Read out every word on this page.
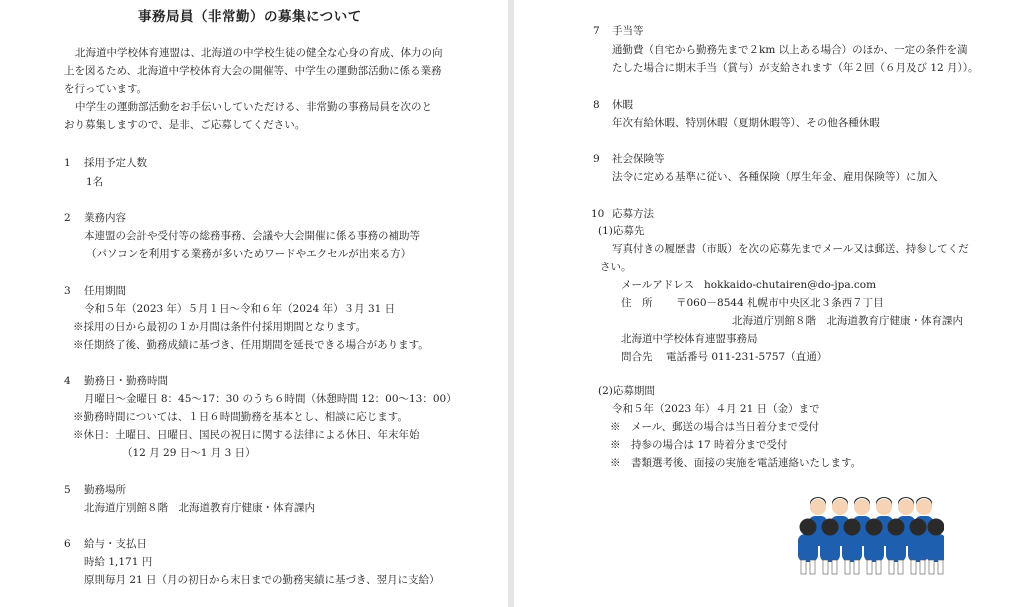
事務局員（非常勤）の募集について
北海道中学校体育連盟は、北海道の中学校生徒の健全な心身の育成、体力の向
上を図るため、北海道中学校体育大会の開催等、中学生の運動部活動に係る業務
を行っています。
中学生の運動部活動をお手伝いしていただける、非常勤の事務局員を次のと
おり募集しますので、是非、ご応募してください。
1 採用予定人数
1名
2 業務内容
本連盟の会計や受付等の総務事務、会議や大会開催に係る事務の補助等
（パソコンを利用する業務が多いためワードやエクセルが出来る方）
3 任用期間
令和５年（2023 年）５月１日～令和６年（2024 年）３月 31 日
※採用の日から最初の１か月間は条件付採用期間となります。
※任期終了後、勤務成績に基づき、任用期間を延長できる場合があります。
4 勤務日・勤務時間
月曜日～金曜日 8：45～17：30 のうち６時間（休憩時間 12：00～13：00）
※勤務時間については、１日６時間勤務を基本とし、相談に応じます。
※休日：土曜日、日曜日、国民の祝日に関する法律による休日、年末年始
（12 月 29 日～1 月 3 日）
5 勤務場所
北海道庁別館８階　北海道教育庁健康・体育課内
6 給与・支払日
時給 1,171 円
原則毎月 21 日（月の初日から末日までの勤務実績に基づき、翌月に支給）
7 手当等
通勤費（自宅から勤務先まで２km 以上ある場合）のほか、一定の条件を満
たした場合に期末手当（賞与）が支給されます（年２回（６月及び 12 月））。
8 休暇
年次有給休暇、特別休暇（夏期休暇等）、その他各種休暇
9 社会保険等
法令に定める基準に従い、各種保険（厚生年金、雇用保険等）に加入
10 応募方法
(1)応募先
写真付きの履歴書（市販）を次の応募先までメール又は郵送、持参してくだ
さい。
メールアドレス hokkaido-chutairen@do-jpa.com
住　所 〒060－8544 札幌市中央区北３条西７丁目
北海道庁別館８階　北海道教育庁健康・体育課内
北海道中学校体育連盟事務局
問合先 電話番号 011-231-5757（直通）
(2)応募期間
令和５年（2023 年）４月 21 日（金）まで
※　メール、郵送の場合は当日着分まで受付
※　持参の場合は 17 時着分まで受付
※　書類選考後、面接の実施を電話連絡いたします。
